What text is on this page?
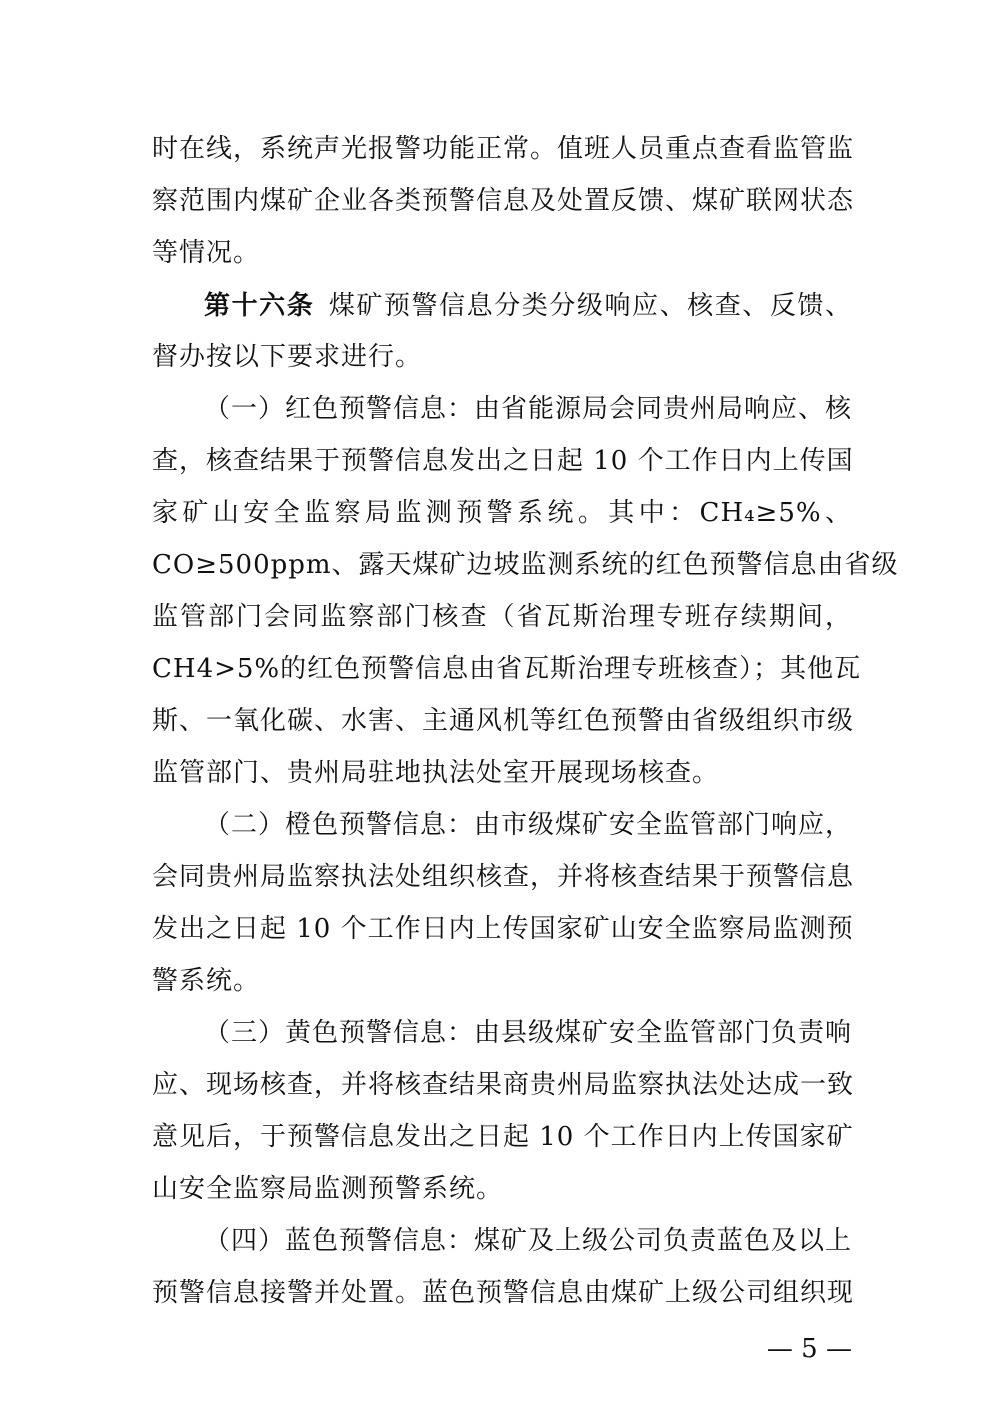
时在线，系统声光报警功能正常。值班人员重点查看监管监
察范围内煤矿企业各类预警信息及处置反馈、煤矿联网状态
等情况。
第十六条 煤矿预警信息分类分级响应、核查、反馈、
督办按以下要求进行。
（一）红色预警信息：由省能源局会同贵州局响应、核
查，核查结果于预警信息发出之日起 10 个工作日内上传国
家矿山安全监察局监测预警系统。其中：CH₄≥5%、
CO≥500ppm、露天煤矿边坡监测系统的红色预警信息由省级
监管部门会同监察部门核查（省瓦斯治理专班存续期间，
CH4>5%的红色预警信息由省瓦斯治理专班核查）；其他瓦
斯、一氧化碳、水害、主通风机等红色预警由省级组织市级
监管部门、贵州局驻地执法处室开展现场核查。
（二）橙色预警信息：由市级煤矿安全监管部门响应，
会同贵州局监察执法处组织核查，并将核查结果于预警信息
发出之日起 10 个工作日内上传国家矿山安全监察局监测预
警系统。
（三）黄色预警信息：由县级煤矿安全监管部门负责响
应、现场核查，并将核查结果商贵州局监察执法处达成一致
意见后，于预警信息发出之日起 10 个工作日内上传国家矿
山安全监察局监测预警系统。
（四）蓝色预警信息：煤矿及上级公司负责蓝色及以上
预警信息接警并处置。蓝色预警信息由煤矿上级公司组织现
— 5 —
